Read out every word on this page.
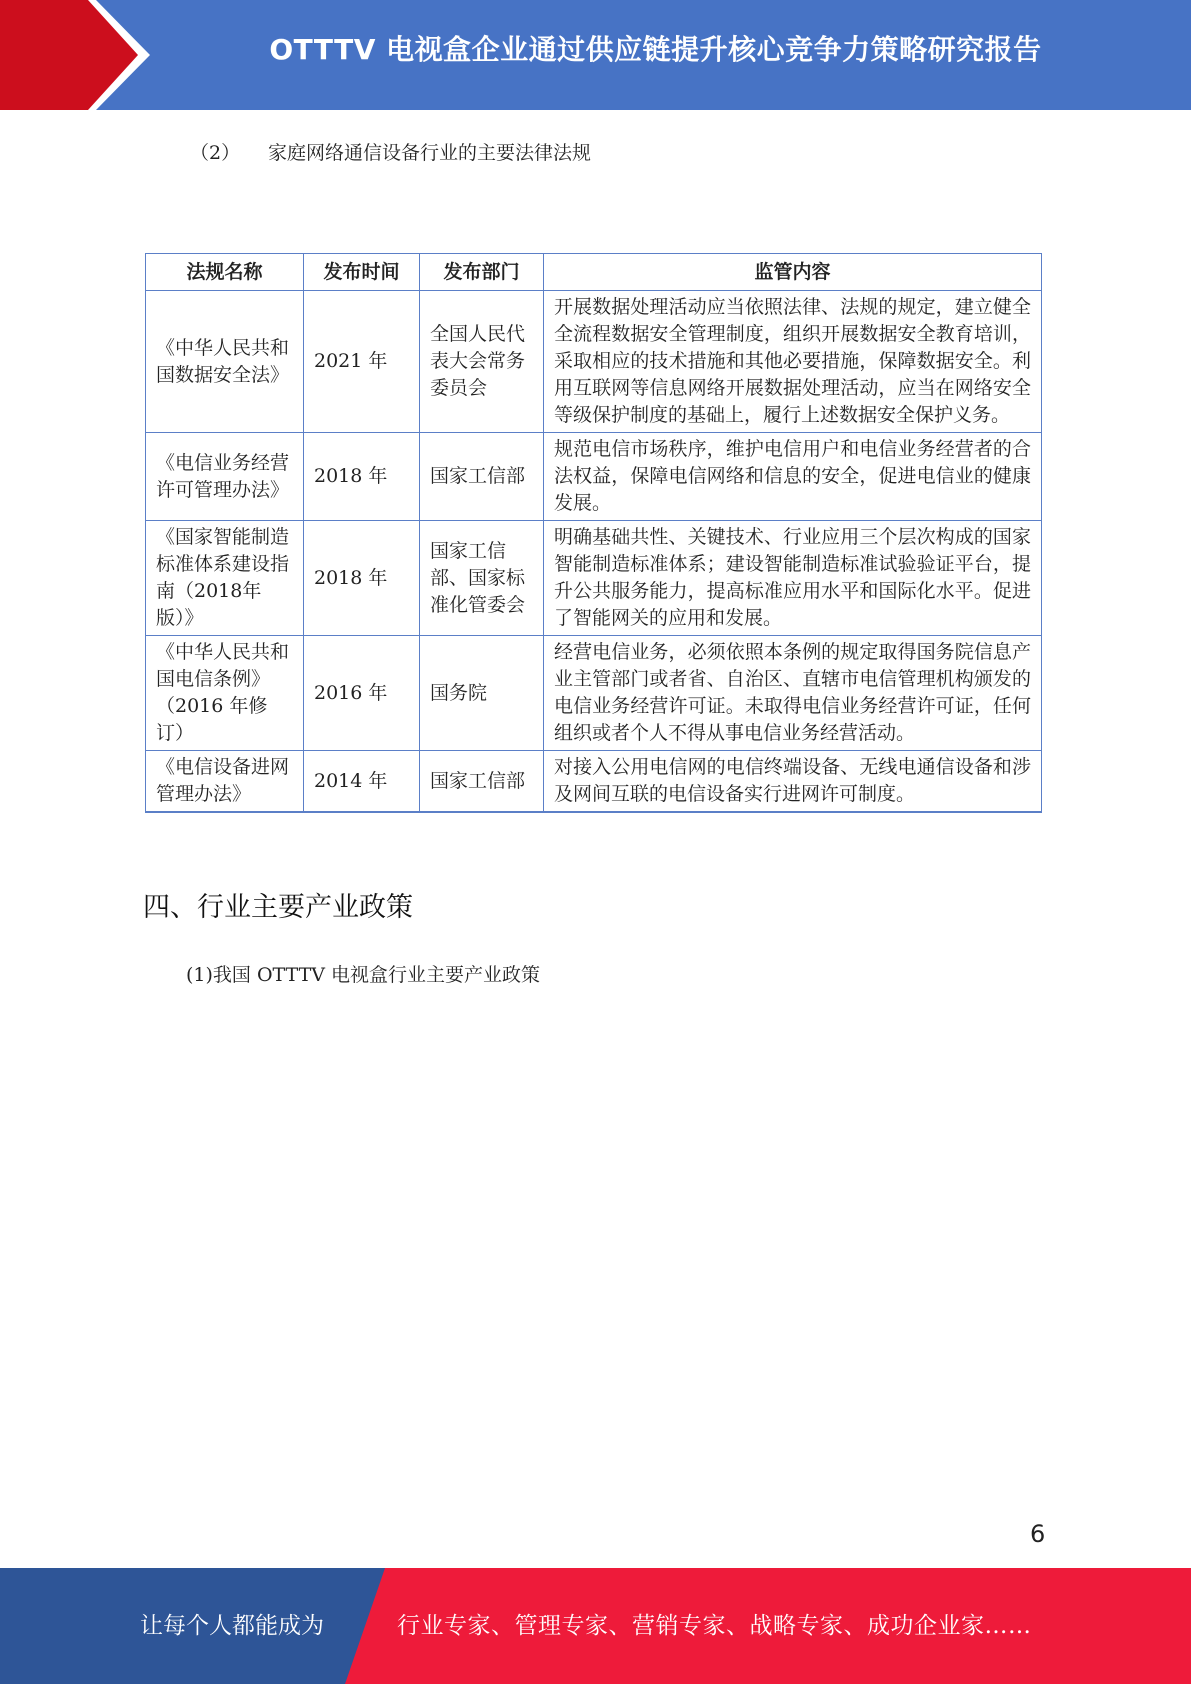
OTTTV 电视盒企业通过供应链提升核心竞争力策略研究报告
（2） 家庭网络通信设备行业的主要法律法规
法规名称	发布时间	发布部门	监管内容
《中华人民共和国数据安全法》	2021 年	全国人民代表大会常务委员会	开展数据处理活动应当依照法律、法规的规定，建立健全全流程数据安全管理制度，组织开展数据安全教育培训，采取相应的技术措施和其他必要措施，保障数据安全。利用互联网等信息网络开展数据处理活动，应当在网络安全等级保护制度的基础上，履行上述数据安全保护义务。
《电信业务经营许可管理办法》	2018 年	国家工信部	规范电信市场秩序，维护电信用户和电信业务经营者的合法权益，保障电信网络和信息的安全，促进电信业的健康发展。
《国家智能制造标准体系建设指南（2018年版）》	2018 年	国家工信部、国家标准化管委会	明确基础共性、关键技术、行业应用三个层次构成的国家智能制造标准体系；建设智能制造标准试验验证平台，提升公共服务能力，提高标准应用水平和国际化水平。促进了智能网关的应用和发展。
《中华人民共和国电信条例》（2016 年修订）	2016 年	国务院	经营电信业务，必须依照本条例的规定取得国务院信息产业主管部门或者省、自治区、直辖市电信管理机构颁发的电信业务经营许可证。未取得电信业务经营许可证，任何组织或者个人不得从事电信业务经营活动。
《电信设备进网管理办法》	2014 年	国家工信部	对接入公用电信网的电信终端设备、无线电通信设备和涉及网间互联的电信设备实行进网许可制度。
四、行业主要产业政策
(1)我国 OTTTV 电视盒行业主要产业政策
6
让每个人都能成为	行业专家、管理专家、营销专家、战略专家、成功企业家……
